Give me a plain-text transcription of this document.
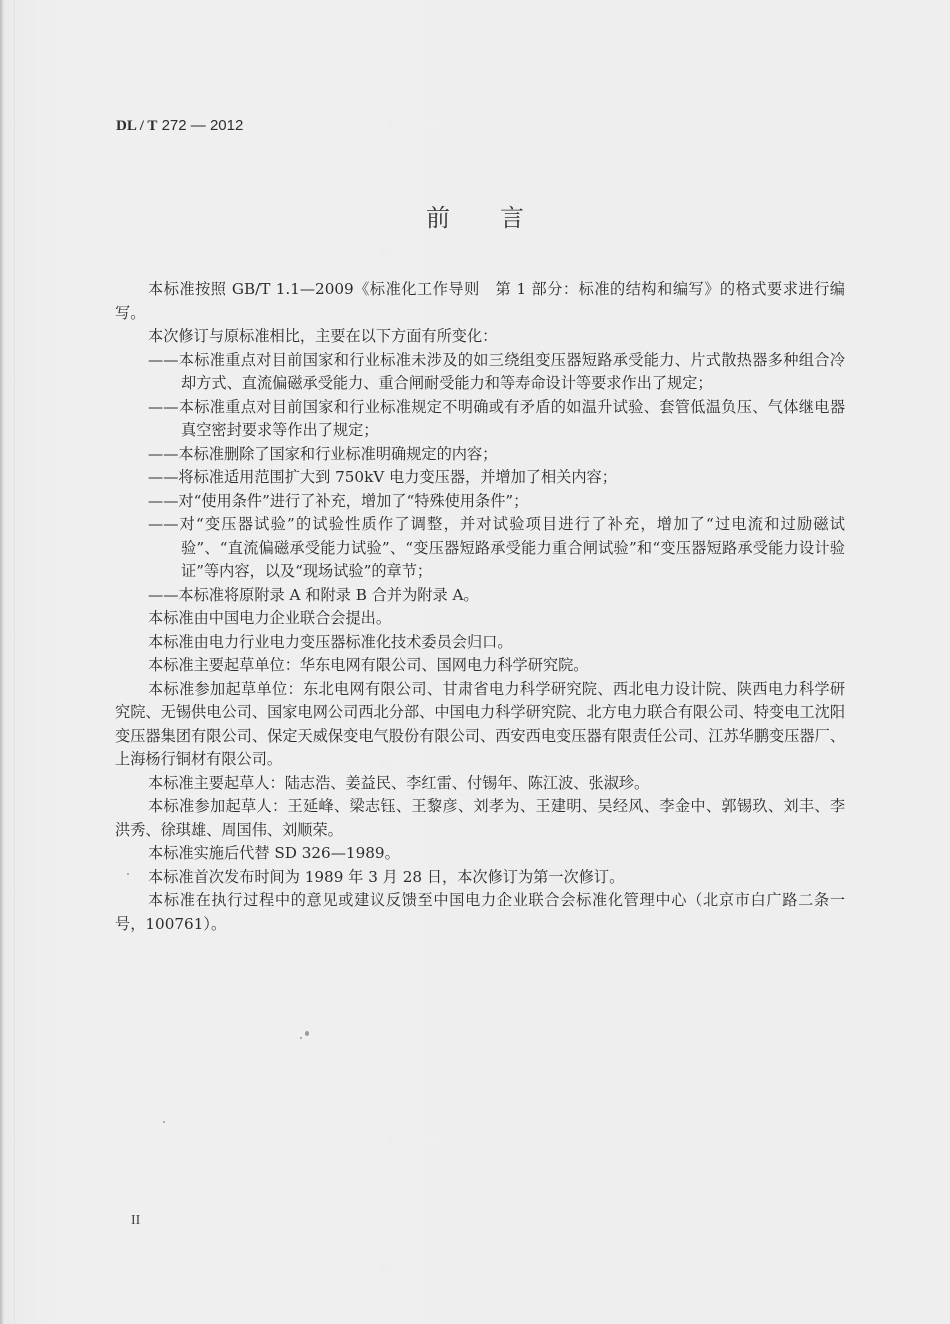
DL / T 272 — 2012
前 言

本标准按照 GB/T 1.1—2009《标准化工作导则　第 1 部分：标准的结构和编写》的格式要求进行编写。

本次修订与原标准相比，主要在以下方面有所变化：

——本标准重点对目前国家和行业标准未涉及的如三绕组变压器短路承受能力、片式散热器多种组合冷却方式、直流偏磁承受能力、重合闸耐受能力和等寿命设计等要求作出了规定；

——本标准重点对目前国家和行业标准规定不明确或有矛盾的如温升试验、套管低温负压、气体继电器真空密封要求等作出了规定；

——本标准删除了国家和行业标准明确规定的内容；

——将标准适用范围扩大到 750kV 电力变压器，并增加了相关内容；

——对“使用条件”进行了补充，增加了“特殊使用条件”；

——对“变压器试验”的试验性质作了调整，并对试验项目进行了补充，增加了“过电流和过励磁试验”、“直流偏磁承受能力试验”、“变压器短路承受能力重合闸试验”和“变压器短路承受能力设计验证”等内容，以及“现场试验”的章节；

——本标准将原附录 A 和附录 B 合并为附录 A。

本标准由中国电力企业联合会提出。

本标准由电力行业电力变压器标准化技术委员会归口。

本标准主要起草单位：华东电网有限公司、国网电力科学研究院。

本标准参加起草单位：东北电网有限公司、甘肃省电力科学研究院、西北电力设计院、陕西电力科学研究院、无锡供电公司、国家电网公司西北分部、中国电力科学研究院、北方电力联合有限公司、特变电工沈阳变压器集团有限公司、保定天威保变电气股份有限公司、西安西电变压器有限责任公司、江苏华鹏变压器厂、上海杨行铜材有限公司。

本标准主要起草人：陆志浩、姜益民、李红雷、付锡年、陈江波、张淑珍。

本标准参加起草人：王延峰、梁志钰、王黎彦、刘孝为、王建明、吴经风、李金中、郭锡玖、刘丰、李洪秀、徐琪雄、周国伟、刘顺荣。

本标准实施后代替 SD 326—1989。

本标准首次发布时间为 1989 年 3 月 28 日，本次修订为第一次修订。

本标准在执行过程中的意见或建议反馈至中国电力企业联合会标准化管理中心（北京市白广路二条一号，100761）。

II
